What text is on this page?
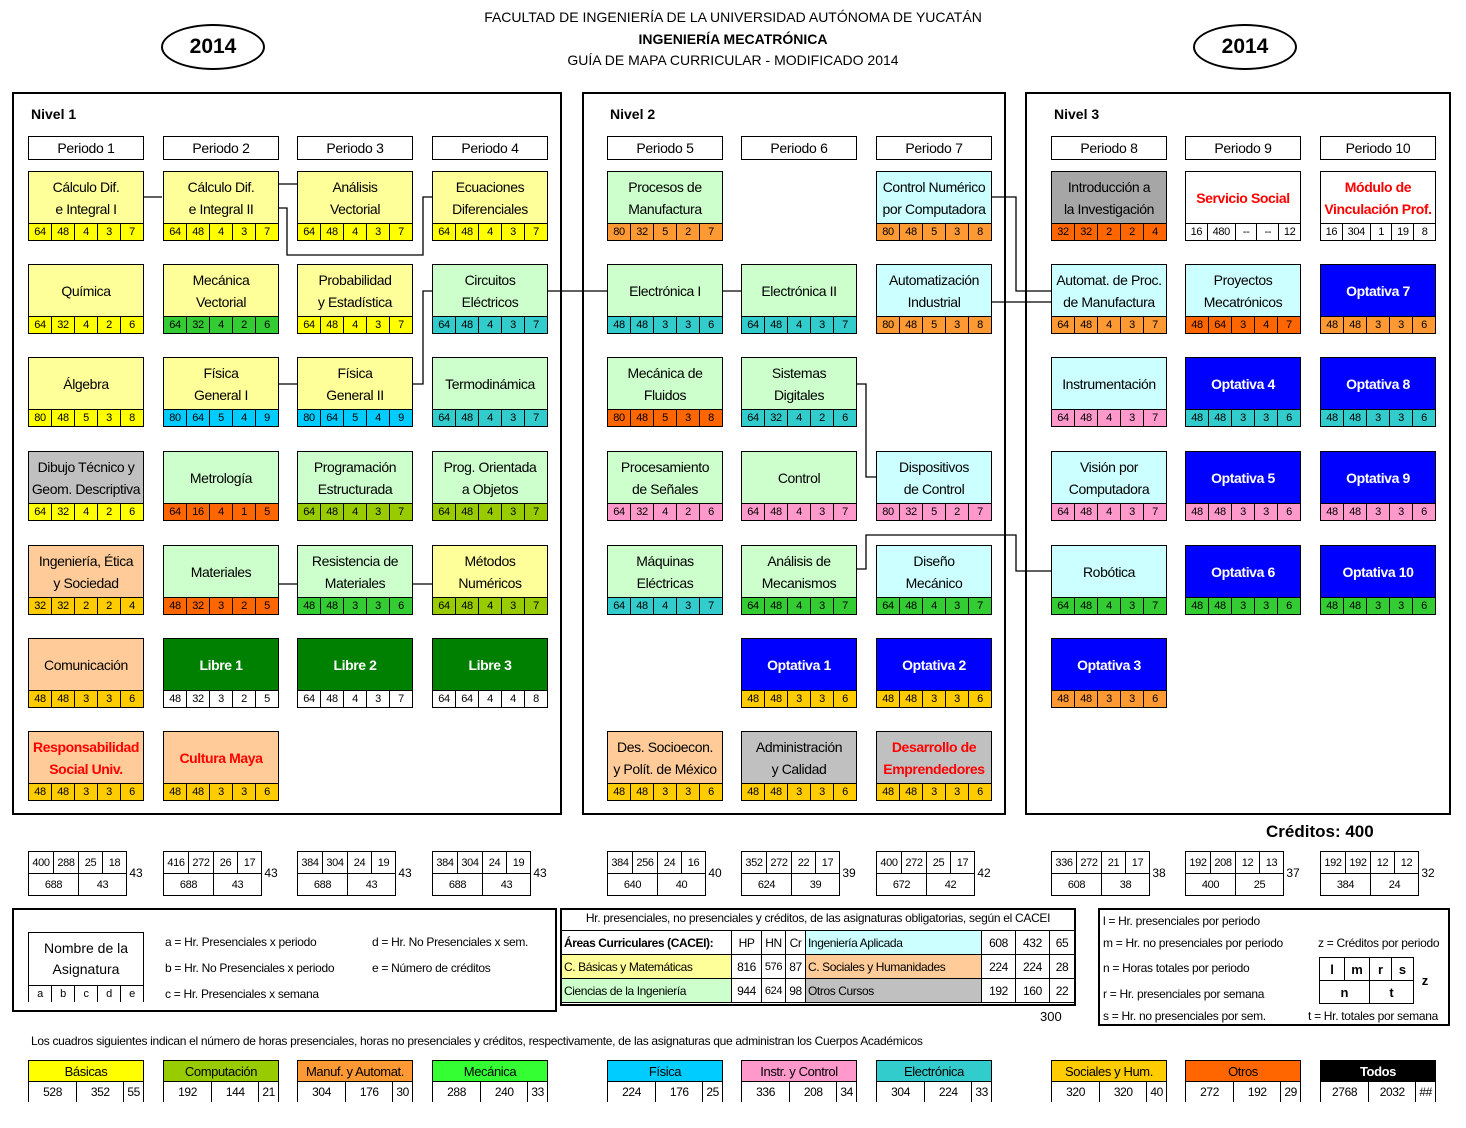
FACULTAD DE INGENIERÍA DE LA UNIVERSIDAD AUTÓNOMA DE YUCATÁN
INGENIERÍA MECATRÓNICA
GUÍA DE MAPA CURRICULAR - MODIFICADO 2014
2014	2014
Nivel 1	Nivel 2	Nivel 3
Periodo 1	Periodo 2	Periodo 3	Periodo 4	Periodo 5	Periodo 6	Periodo 7	Periodo 8	Periodo 9	Periodo 10
Cálculo Dif.
e Integral I
64	48	4	3	7
Cálculo Dif.
e Integral II
64	48	4	3	7
Análisis
Vectorial
64	48	4	3	7
Ecuaciones
Diferenciales
64	48	4	3	7
Química
64	32	4	2	6
Mecánica
Vectorial
64	32	4	2	6
Probabilidad
y Estadística
64	48	4	3	7
Circuitos
Eléctricos
64	48	4	3	7
Álgebra
80	48	5	3	8
Física
General I
80	64	5	4	9
Física
General II
80	64	5	4	9
Termodinámica
64	48	4	3	7
Dibujo Técnico y
Geom. Descriptiva
64	32	4	2	6
Metrología
64	16	4	1	5
Programación
Estructurada
64	48	4	3	7
Prog. Orientada
a Objetos
64	48	4	3	7
Ingeniería, Ética
y Sociedad
32	32	2	2	4
Materiales
48	32	3	2	5
Resistencia de
Materiales
48	48	3	3	6
Métodos
Numéricos
64	48	4	3	7
Comunicación
48	48	3	3	6
Libre 1
48	32	3	2	5
Libre 2
64	48	4	3	7
Libre 3
64	64	4	4	8
Responsabilidad
Social Univ.
48	48	3	3	6
Cultura Maya
48	48	3	3	6
Procesos de
Manufactura
80	32	5	2	7
Control Numérico
por Computadora
80	48	5	3	8
Electrónica I
48	48	3	3	6
Electrónica II
64	48	4	3	7
Automatización
Industrial
80	48	5	3	8
Mecánica de
Fluidos
80	48	5	3	8
Sistemas
Digitales
64	32	4	2	6
Procesamiento
de Señales
64	32	4	2	6
Control
64	48	4	3	7
Dispositivos
de Control
80	32	5	2	7
Máquinas
Eléctricas
64	48	4	3	7
Análisis de
Mecanismos
64	48	4	3	7
Diseño
Mecánico
64	48	4	3	7
Optativa 1
48	48	3	3	6
Optativa 2
48	48	3	3	6
Des. Socioecon.
y Polít. de México
48	48	3	3	6
Administración
y Calidad
48	48	3	3	6
Desarrollo de
Emprendedores
48	48	3	3	6
Introducción a
la Investigación
32	32	2	2	4
Servicio Social
16 480	--	--	12
Módulo de
Vinculación Prof.
16 304	1	19	8
Automat. de Proc.
de Manufactura
64	48	4	3	7
Proyectos
Mecatrónicos
48	64	3	4	7
Optativa 7
48	48	3	3	6
Instrumentación
64	48	4	3	7
Optativa 4
48	48	3	3	6
Optativa 8
48	48	3	3	6
Visión por
Computadora
64	48	4	3	7
Optativa 5
48	48	3	3	6
Optativa 9
48	48	3	3	6
Robótica
64	48	4	3	7
Optativa 6
48	48	3	3	6
Optativa 10
48	48	3	3	6
Optativa 3
48	48	3	3	6
Créditos: 400
400	288	25	18
688		43	
43
416	272	26	17
688		43	
43
384	304	24	19
688		43	
43
384	304	24	19
688		43	
43
384	256	24	16
640		40	
40
352	272	22	17
624		39	
39
400	272	25	17
672		42	
42
336	272	21	17
608		38	
38
192	208	12	13
400		25	
37
192	192	12	12
384		24	
32
Nombre de la
Asignatura
a	b	c	d	e
a = Hr. Presenciales x periodo
b = Hr. No Presenciales x periodo
c = Hr. Presenciales x semana
d = Hr. No Presenciales x sem.
e = Número de créditos
Hr. presenciales, no presenciales y créditos, de las asignaturas obligatorias, según el CACEI
Áreas Curriculares (CACEI):	HP	HN	Cr	Ingeniería Aplicada	608	432	65
C. Básicas y Matemáticas	816	576	87	C. Sociales y Humanidades	224	224	28
Ciencias de la Ingeniería	944	624	98	Otros Cursos	192	160	22
300
l = Hr. presenciales por periodo
m = Hr. no presenciales por periodo	z = Créditos por periodo
n = Horas totales por periodo
r = Hr. presenciales por semana
s = Hr. no presenciales por sem.	t = Hr. totales por semana
l	m	r	s
n		t	
z
Los cuadros siguientes indican el número de horas presenciales, horas no presenciales y créditos, respectivamente, de las asignaturas que administran los Cuerpos Académicos
Básicas
528	352	55
Computación
192	144	21
Manuf. y Automat.
304	176	30
Mecánica
288	240	33
Física
224	176	25
Instr. y Control
336	208	34
Electrónica
304	224	33
Sociales y Hum.
320	320	40
Otros
272	192	29
Todos
2768	2032	##
